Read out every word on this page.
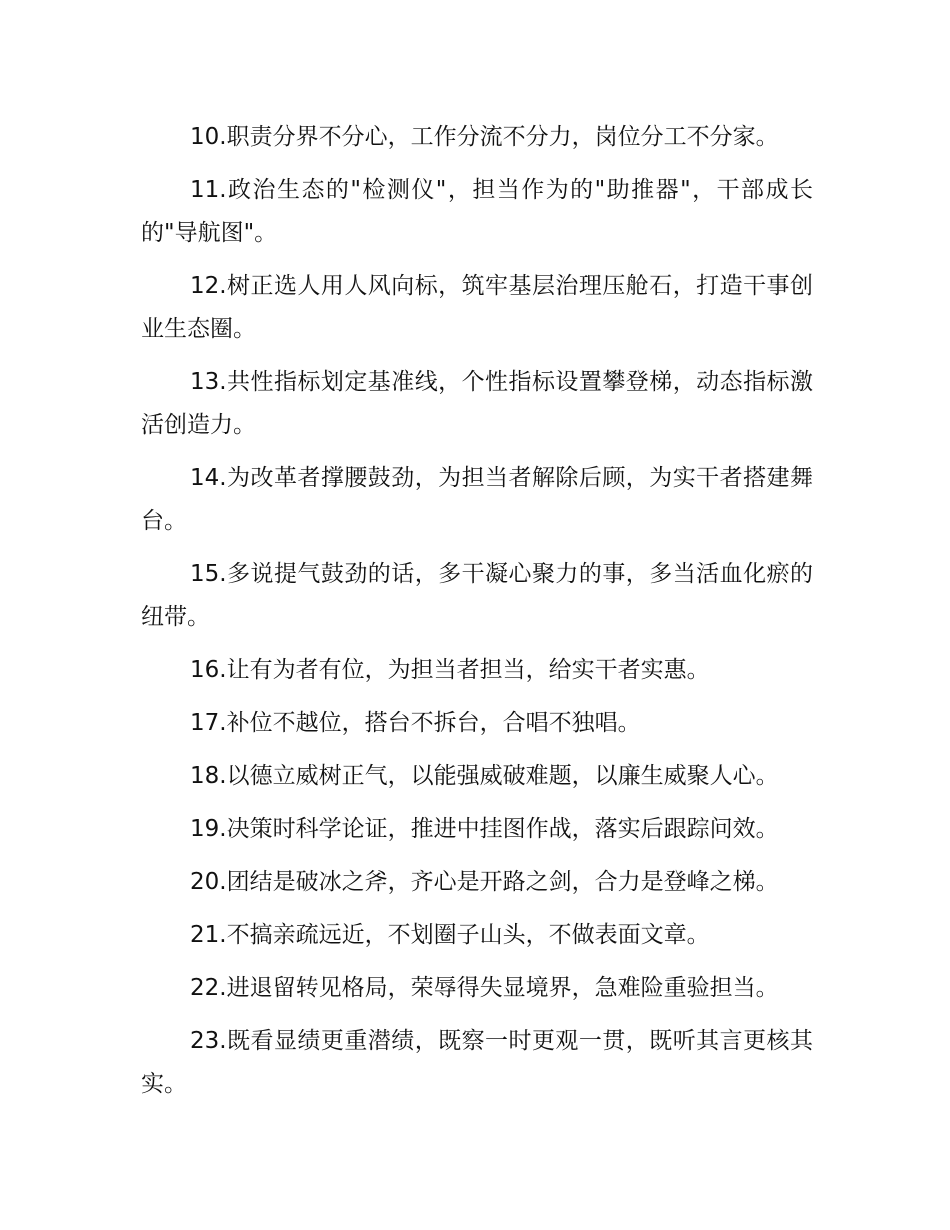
10.职责分界不分心，工作分流不分力，岗位分工不分家。

11.政治生态的"检测仪"，担当作为的"助推器"，干部成长的"导航图"。

12.树正选人用人风向标，筑牢基层治理压舱石，打造干事创业生态圈。

13.共性指标划定基准线，个性指标设置攀登梯，动态指标激活创造力。

14.为改革者撑腰鼓劲，为担当者解除后顾，为实干者搭建舞台。

15.多说提气鼓劲的话，多干凝心聚力的事，多当活血化瘀的纽带。

16.让有为者有位，为担当者担当，给实干者实惠。

17.补位不越位，搭台不拆台，合唱不独唱。

18.以德立威树正气，以能强威破难题，以廉生威聚人心。

19.决策时科学论证，推进中挂图作战，落实后跟踪问效。

20.团结是破冰之斧，齐心是开路之剑，合力是登峰之梯。

21.不搞亲疏远近，不划圈子山头，不做表面文章。

22.进退留转见格局，荣辱得失显境界，急难险重验担当。

23.既看显绩更重潜绩，既察一时更观一贯，既听其言更核其实。
